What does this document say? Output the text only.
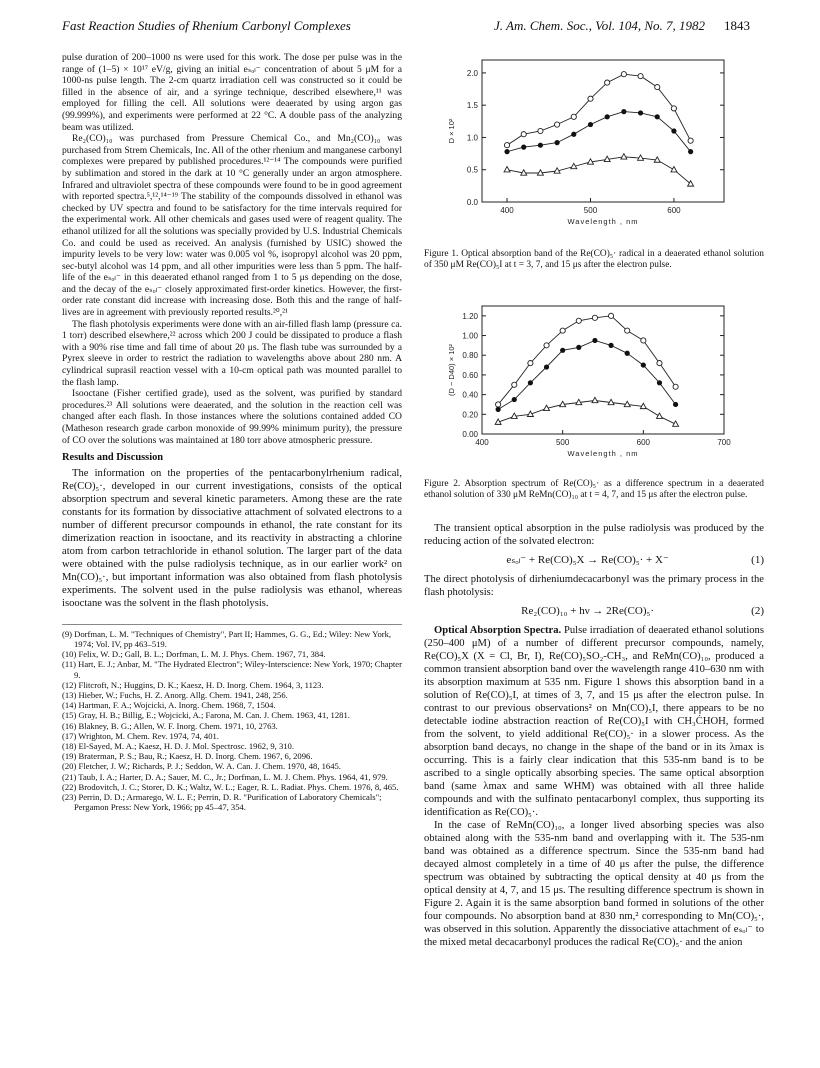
Fast Reaction Studies of Rhenium Carbonyl Complexes	J. Am. Chem. Soc., Vol. 104, No. 7, 1982 1843

pulse duration of 200–1000 ns were used for this work. The dose per pulse was in the range of (1–5) × 10¹⁷ eV/g, giving an initial eₛₒₗ⁻ concentration of about 5 μM for a 1000-ns pulse length. The 2-cm quartz irradiation cell was constructed so it could be filled in the absence of air, and a syringe technique, described elsewhere,¹¹ was employed for filling the cell. All solutions were deaerated by using argon gas (99.999%), and experiments were performed at 22 °C. A double pass of the analyzing beam was utilized.

Re₂(CO)₁₀ was purchased from Pressure Chemical Co., and Mn₂(CO)₁₀ was purchased from Strem Chemicals, Inc. All of the other rhenium and manganese carbonyl complexes were prepared by published procedures.¹²⁻¹⁴ The compounds were purified by sublimation and stored in the dark at 10 °C generally under an argon atmosphere. Infrared and ultraviolet spectra of these compounds were found to be in good agreement with reported spectra.⁵,¹²,¹⁴⁻¹⁹ The stability of the compounds dissolved in ethanol was checked by UV spectra and found to be satisfactory for the time intervals required for the experimental work. All other chemicals and gases used were of reagent quality. The ethanol utilized for all the solutions was specially provided by U.S. Industrial Chemicals Co. and could be used as received. An analysis (furnished by USIC) showed the impurity levels to be very low: water was 0.005 vol %, isopropyl alcohol was 20 ppm, sec-butyl alcohol was 14 ppm, and all other impurities were less than 5 ppm. The half-life of the eₛₒₗ⁻ in this deaerated ethanol ranged from 1 to 5 μs depending on the dose, and the decay of the eₛₒₗ⁻ closely approximated first-order kinetics. However, the first-order rate constant did increase with increasing dose. Both this and the range of half-lives are in agreement with previously reported results.²⁰,²¹

The flash photolysis experiments were done with an air-filled flash lamp (pressure ca. 1 torr) described elsewhere,²² across which 200 J could be dissipated to produce a flash with a 90% rise time and fall time of about 20 μs. The flash tube was surrounded by a Pyrex sleeve in order to restrict the radiation to wavelengths above about 280 nm. A cylindrical suprasil reaction vessel with a 10-cm optical path was mounted parallel to the flash lamp.

Isooctane (Fisher certified grade), used as the solvent, was purified by standard procedures.²³ All solutions were deaerated, and the solution in the reaction cell was changed after each flash. In those instances where the solutions contained added CO (Matheson research grade carbon monoxide of 99.99% minimum purity), the pressure of CO over the solutions was maintained at 180 torr above atmospheric pressure.

Results and Discussion

The information on the properties of the pentacarbonylrhenium radical, Re(CO)₅·, developed in our current investigations, consists of the optical absorption spectrum and several kinetic parameters. Among these are the rate constants for its formation by dissociative attachment of solvated electrons to a number of different precursor compounds in ethanol, the rate constant for its dimerization reaction in isooctane, and its reactivity in abstracting a chlorine atom from carbon tetrachloride in ethanol solution. The larger part of the data were obtained with the pulse radiolysis technique, as in our earlier work² on Mn(CO)₅·, but important information was also obtained from flash photolysis experiments. The solvent used in the pulse radiolysis was ethanol, whereas isooctane was the solvent in the flash photolysis.

(9) Dorfman, L. M. "Techniques of Chemistry", Part II; Hammes, G. G., Ed.; Wiley: New York, 1974; Vol. IV, pp 463–519.
(10) Felix, W. D.; Gall, B. L.; Dorfman, L. M. J. Phys. Chem. 1967, 71, 384.
(11) Hart, E. J.; Anbar, M. "The Hydrated Electron"; Wiley-Interscience: New York, 1970; Chapter 9.
(12) Flitcroft, N.; Huggins, D. K.; Kaesz, H. D. Inorg. Chem. 1964, 3, 1123.
(13) Hieber, W.; Fuchs, H. Z. Anorg. Allg. Chem. 1941, 248, 256.
(14) Hartman, F. A.; Wojcicki, A. Inorg. Chem. 1968, 7, 1504.
(15) Gray, H. B.; Billig, E.; Wojcicki, A.; Farona, M. Can. J. Chem. 1963, 41, 1281.
(16) Blakney, B. G.; Allen, W. F. Inorg. Chem. 1971, 10, 2763.
(17) Wrighton, M. Chem. Rev. 1974, 74, 401.
(18) El-Sayed, M. A.; Kaesz, H. D. J. Mol. Spectrosc. 1962, 9, 310.
(19) Braterman, P. S.; Bau, R.; Kaesz, H. D. Inorg. Chem. 1967, 6, 2096.
(20) Fletcher, J. W.; Richards, P. J.; Seddon, W. A. Can. J. Chem. 1970, 48, 1645.
(21) Taub, I. A.; Harter, D. A.; Sauer, M. C., Jr.; Dorfman, L. M. J. Chem. Phys. 1964, 41, 979.
(22) Brodovitch, J. C.; Storer, D. K.; Waltz, W. L.; Eager, R. L. Radiat. Phys. Chem. 1976, 8, 465.
(23) Perrin, D. D.; Armarego, W. L. F.; Perrin, D. R. "Purification of Laboratory Chemicals"; Pergamon Press: New York, 1966; pp 45–47, 354.
400	500	600
0.0
0.5
1.0
1.5
2.0
Wavelength , nm
D × 10²
Figure 1. Optical absorption band of the Re(CO)₅· radical in a deaerated ethanol solution of 350 μM Re(CO)₅I at t = 3, 7, and 15 μs after the electron pulse.
400	500	600	700
0.00
0.20
0.40
0.60
0.80
1.00
1.20
Wavelength , nm
(D − D40) × 10²
Figure 2. Absorption spectrum of Re(CO)₅· as a difference spectrum in a deaerated ethanol solution of 330 μM ReMn(CO)₁₀ at t = 4, 7, and 15 μs after the electron pulse.

The transient optical absorption in the pulse radiolysis was produced by the reducing action of the solvated electron:

eₛₒₗ⁻ + Re(CO)₅X → Re(CO)₅· + X⁻	(1)

The direct photolysis of dirheniumdecacarbonyl was the primary process in the flash photolysis:

Re₂(CO)₁₀ + hν → 2Re(CO)₅·	(2)

Optical Absorption Spectra. Pulse irradiation of deaerated ethanol solutions (250–400 μM) of a number of different precursor compounds, namely, Re(CO)₅X (X = Cl, Br, I), Re(CO)₅SO₂-CH₃, and ReMn(CO)₁₀, produced a common transient absorption band over the wavelength range 410–630 nm with its absorption maximum at 535 nm. Figure 1 shows this absorption band in a solution of Re(CO)₅I, at times of 3, 7, and 15 μs after the electron pulse. In contrast to our previous observations² on Mn(CO)₅I, there appears to be no detectable iodine abstraction reaction of Re(CO)₅I with CH₃ĊHOH, formed from the solvent, to yield additional Re(CO)₅· in a slower process. As the absorption band decays, no change in the shape of the band or in its λmax is occurring. This is a fairly clear indication that this 535-nm band is to be ascribed to a single optically absorbing species. The same optical absorption band (same λmax and same WHM) was obtained with all three halide compounds and with the sulfinato pentacarbonyl complex, thus supporting its identification as Re(CO)₅·.

In the case of ReMn(CO)₁₀, a longer lived absorbing species was also obtained along with the 535-nm band and overlapping with it. The 535-nm band was obtained as a difference spectrum. Since the 535-nm band had decayed almost completely in a time of 40 μs after the pulse, the difference spectrum was obtained by subtracting the optical density at 40 μs from the optical density at 4, 7, and 15 μs. The resulting difference spectrum is shown in Figure 2. Again it is the same absorption band formed in solutions of the other four compounds. No absorption band at 830 nm,² corresponding to Mn(CO)₅·, was observed in this solution. Apparently the dissociative attachment of eₛₒₗ⁻ to the mixed metal decacarbonyl produces the radical Re(CO)₅· and the anion
